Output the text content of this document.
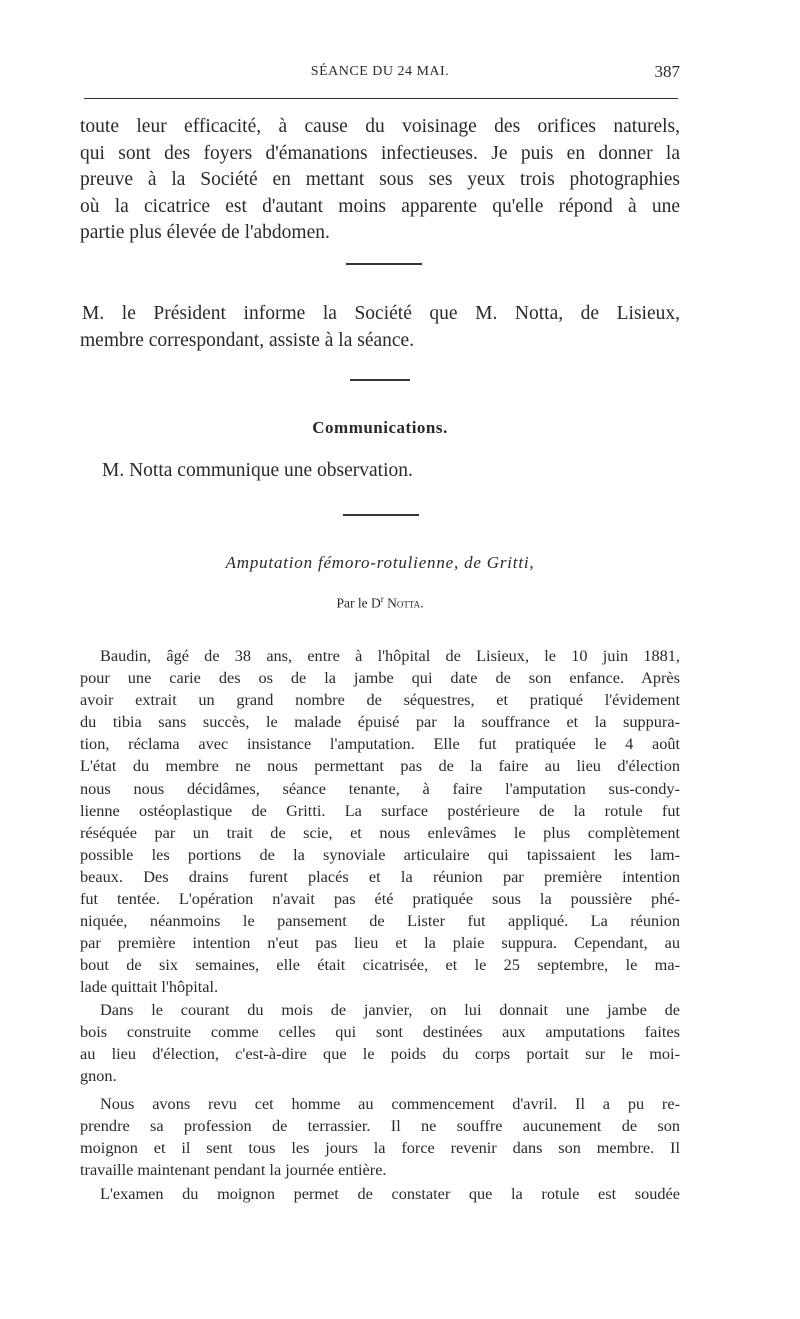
SÉANCE DU 24 MAI.	387
toute leur efficacité, à cause du voisinage des orifices naturels,
qui sont des foyers d'émanations infectieuses. Je puis en donner la
preuve à la Société en mettant sous ses yeux trois photographies
où la cicatrice est d'autant moins apparente qu'elle répond à une
partie plus élevée de l'abdomen.
M. le Président informe la Société que M. Notta, de Lisieux,
membre correspondant, assiste à la séance.
Communications.
M. Notta communique une observation.
Amputation fémoro-rotulienne, de Gritti,
Par le $D^r$ Notta.
Baudin, âgé de 38 ans, entre à l'hôpital de Lisieux, le 10 juin 1881,
pour une carie des os de la jambe qui date de son enfance. Après
avoir extrait un grand nombre de séquestres, et pratiqué l'évidement
du tibia sans succès, le malade épuisé par la souffrance et la suppura-
tion, réclama avec insistance l'amputation. Elle fut pratiquée le 4 août
L'état du membre ne nous permettant pas de la faire au lieu d'élection
nous nous décidâmes, séance tenante, à faire l'amputation sus-condy-
lienne ostéoplastique de Gritti. La surface postérieure de la rotule fut
réséquée par un trait de scie, et nous enlevâmes le plus complètement
possible les portions de la synoviale articulaire qui tapissaient les lam-
beaux. Des drains furent placés et la réunion par première intention
fut tentée. L'opération n'avait pas été pratiquée sous la poussière phé-
niquée, néanmoins le pansement de Lister fut appliqué. La réunion
par première intention n'eut pas lieu et la plaie suppura. Cependant, au
bout de six semaines, elle était cicatrisée, et le 25 septembre, le ma-
lade quittait l'hôpital.
Dans le courant du mois de janvier, on lui donnait une jambe de
bois construite comme celles qui sont destinées aux amputations faites
au lieu d'élection, c'est-à-dire que le poids du corps portait sur le moi-
gnon.
Nous avons revu cet homme au commencement d'avril. Il a pu re-
prendre sa profession de terrassier. Il ne souffre aucunement de son
moignon et il sent tous les jours la force revenir dans son membre. Il
travaille maintenant pendant la journée entière.
L'examen du moignon permet de constater que la rotule est soudée
